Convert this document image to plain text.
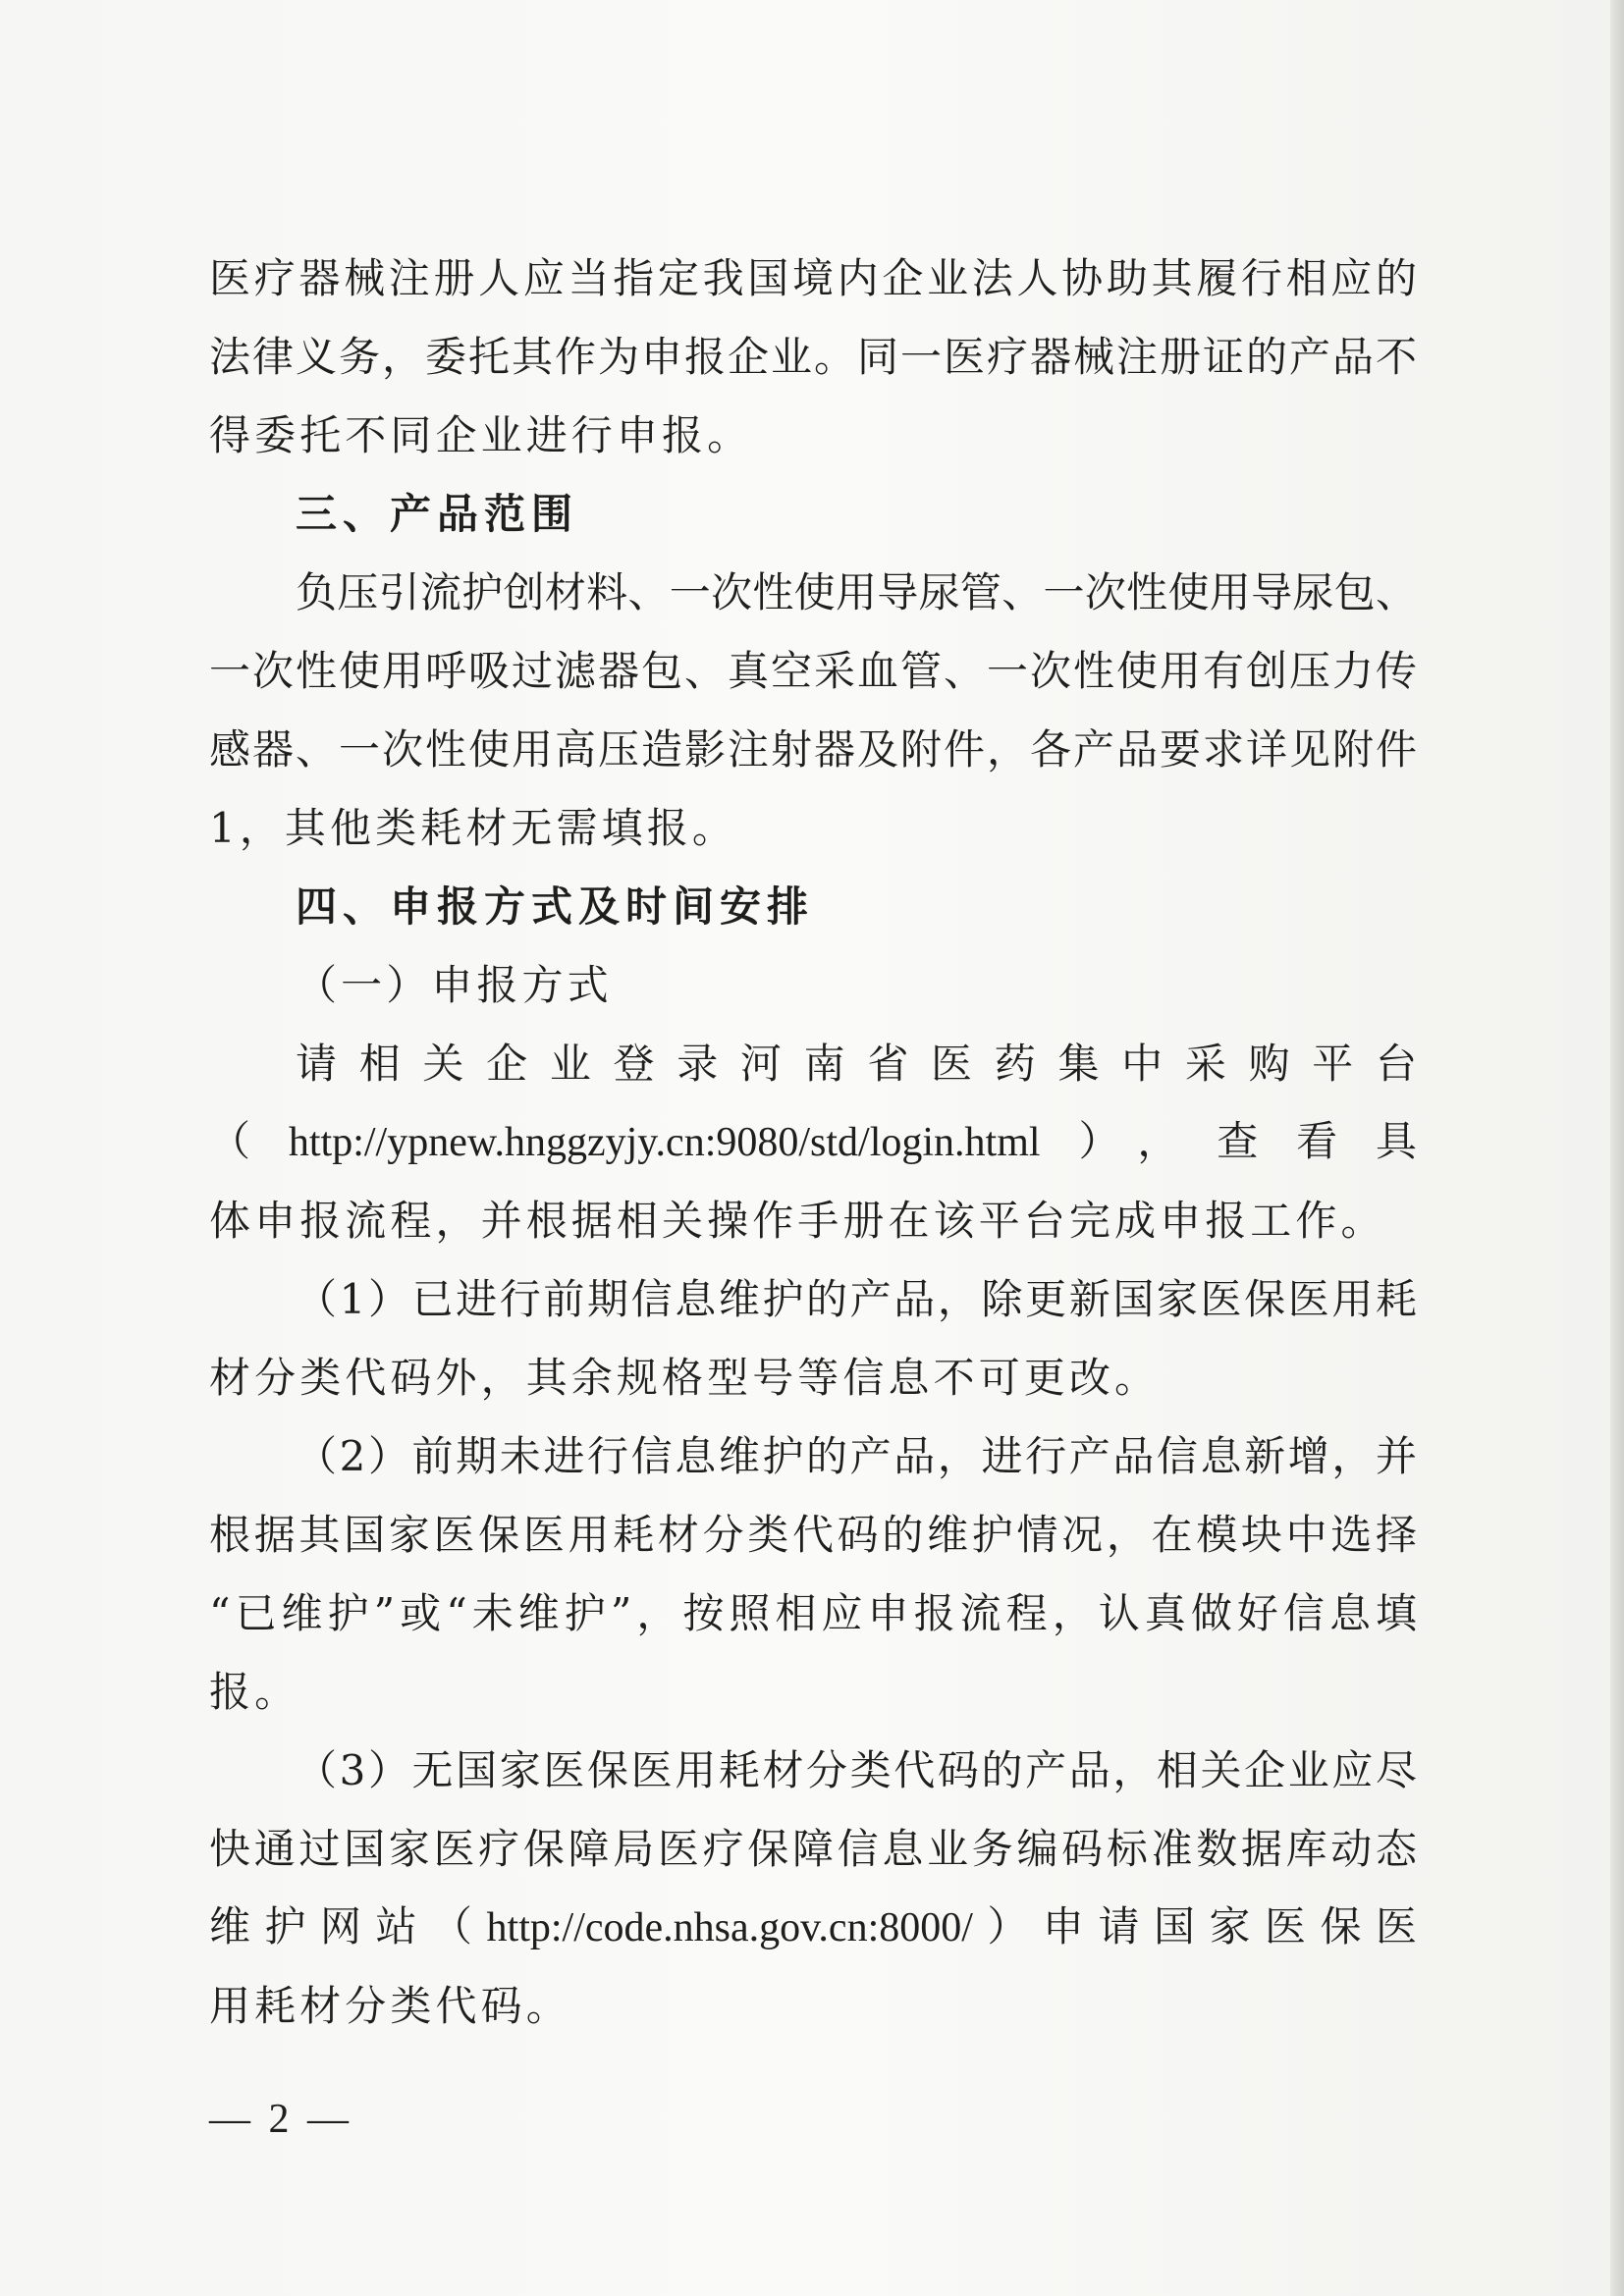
医疗器械注册人应当指定我国境内企业法人协助其履行相应的
法律义务，委托其作为申报企业。同一医疗器械注册证的产品不
得委托不同企业进行申报。
三、产品范围
负压引流护创材料、一次性使用导尿管、一次性使用导尿包、
一次性使用呼吸过滤器包、真空采血管、一次性使用有创压力传
感器、一次性使用高压造影注射器及附件，各产品要求详见附件
1，其他类耗材无需填报。
四、申报方式及时间安排
（一）申报方式
请相关企业登录河南省医药集中采购平台
（http://ypnew.hnggzyjy.cn:9080/std/login.html），查看具
体申报流程，并根据相关操作手册在该平台完成申报工作。
（1）已进行前期信息维护的产品，除更新国家医保医用耗
材分类代码外，其余规格型号等信息不可更改。
（2）前期未进行信息维护的产品，进行产品信息新增，并
根据其国家医保医用耗材分类代码的维护情况，在模块中选择
“已维护”或“未维护”，按照相应申报流程，认真做好信息填
报。
（3）无国家医保医用耗材分类代码的产品，相关企业应尽
快通过国家医疗保障局医疗保障信息业务编码标准数据库动态
维护网站（http://code.nhsa.gov.cn:8000/）申请国家医保医
用耗材分类代码。
— 2 —
